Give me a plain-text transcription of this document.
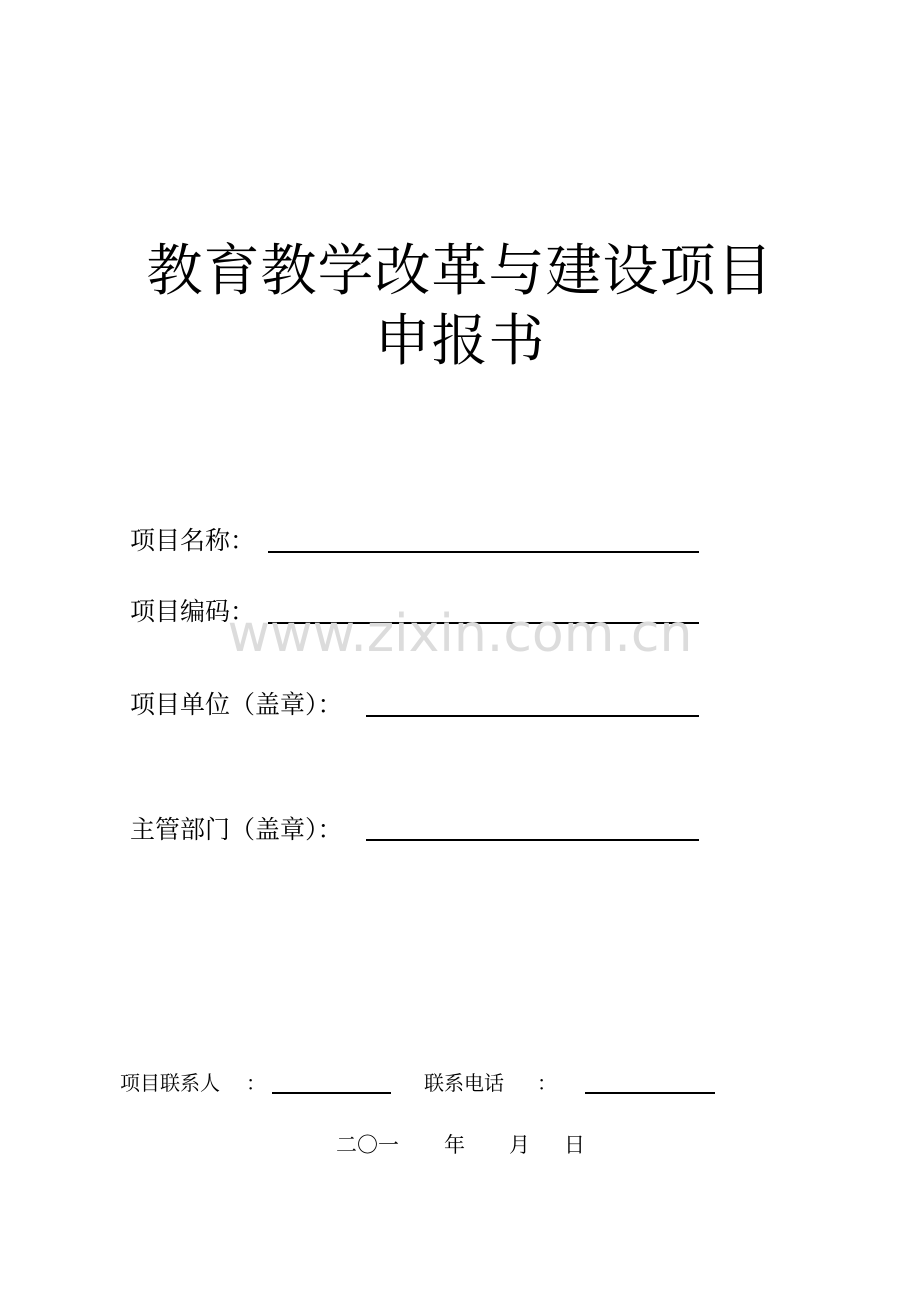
教育教学改革与建设项目
申报书
项目名称：
项目编码：
www.zixin.com.cn
项目单位（盖章）：
主管部门（盖章）：
项目联系人 ：	联系电话 ：
二〇一 年 月 日
